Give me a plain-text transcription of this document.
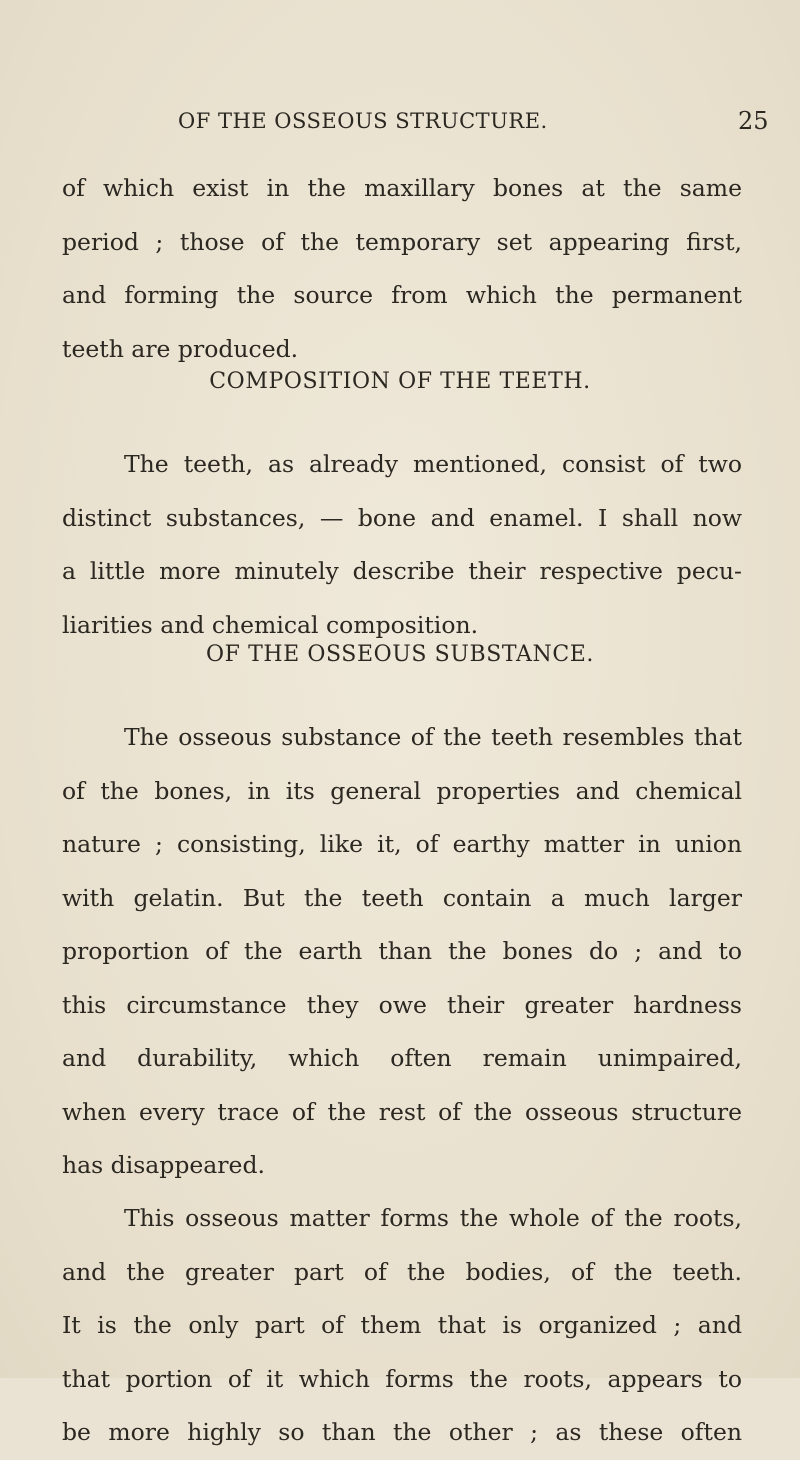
OF THE OSSEOUS STRUCTURE.	25
of which exist in the maxillary bones at the same
period ; those of the temporary set appearing first,
and forming the source from which the permanent
teeth are produced.
COMPOSITION OF THE TEETH.
The teeth, as already mentioned, consist of two
distinct substances, — bone and enamel. I shall now
a little more minutely describe their respective pecu-
liarities and chemical composition.
OF THE OSSEOUS SUBSTANCE.
The osseous substance of the teeth resembles that
of the bones, in its general properties and chemical
nature ; consisting, like it, of earthy matter in union
with gelatin. But the teeth contain a much larger
proportion of the earth than the bones do ; and to
this circumstance they owe their greater hardness
and durability, which often remain unimpaired,
when every trace of the rest of the osseous structure
has disappeared.
This osseous matter forms the whole of the roots,
and the greater part of the bodies, of the teeth.
It is the only part of them that is organized ; and
that portion of it which forms the roots, appears to
be more highly so than the other ; as these often
